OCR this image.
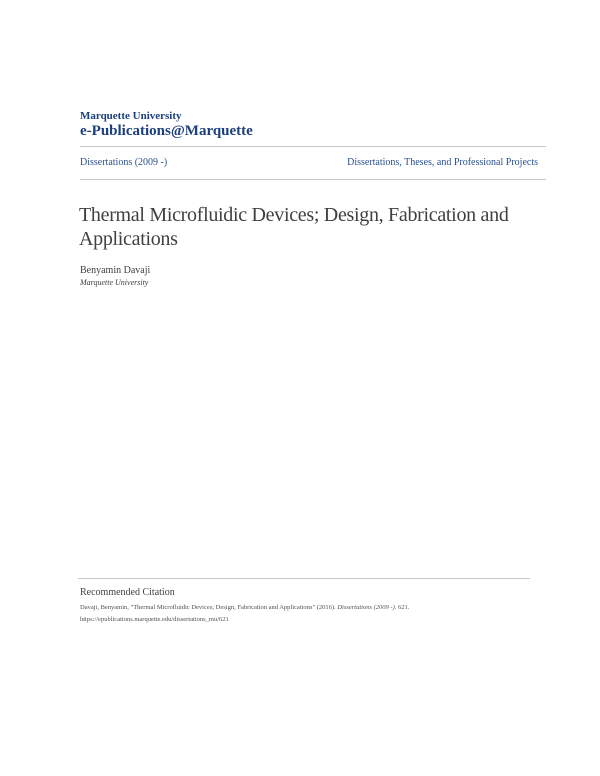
Marquette University
e-Publications@Marquette
Dissertations (2009 -)	Dissertations, Theses, and Professional Projects
Thermal Microfluidic Devices; Design, Fabrication and Applications
Benyamin Davaji
Marquette University
Recommended Citation
Davaji, Benyamin, "Thermal Microfluidic Devices; Design, Fabrication and Applications" (2016). Dissertations (2009 -). 621.
https://epublications.marquette.edu/dissertations_mu/621
